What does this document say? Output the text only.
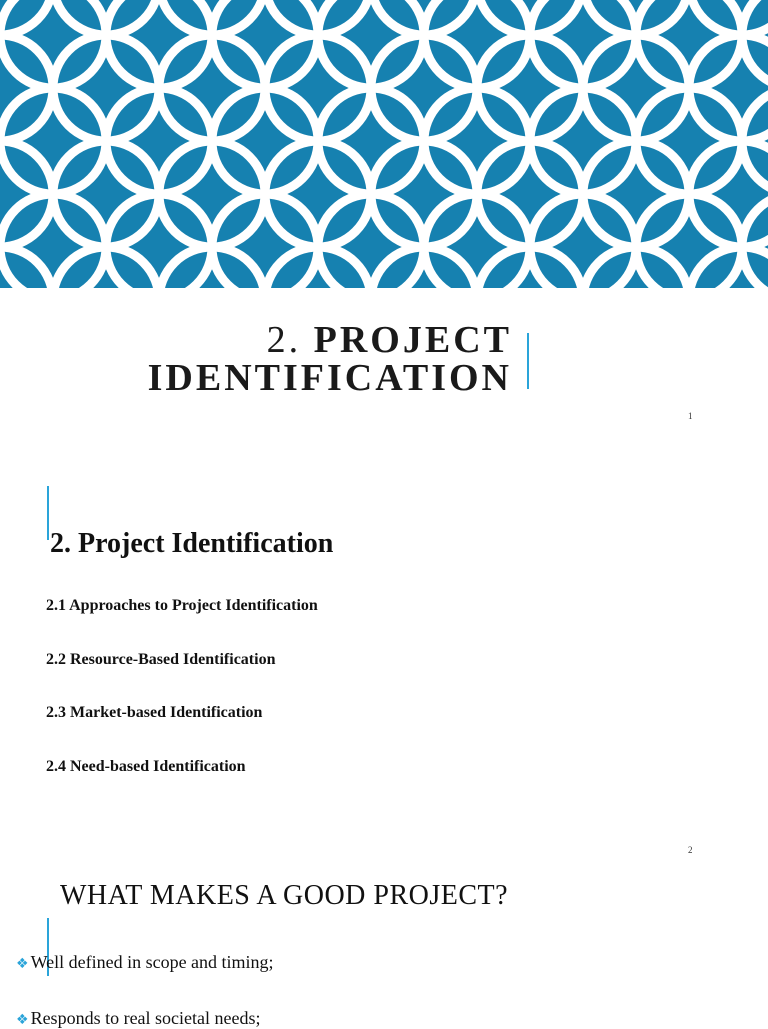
2. PROJECT
IDENTIFICATION
1
2. Project Identification

2.1 Approaches to Project Identification

2.2 Resource-Based Identification

2.3 Market-based Identification

2.4 Need-based Identification

2
WHAT MAKES A GOOD PROJECT?

❖ Well defined in scope and timing;

❖ Responds to real societal needs;
